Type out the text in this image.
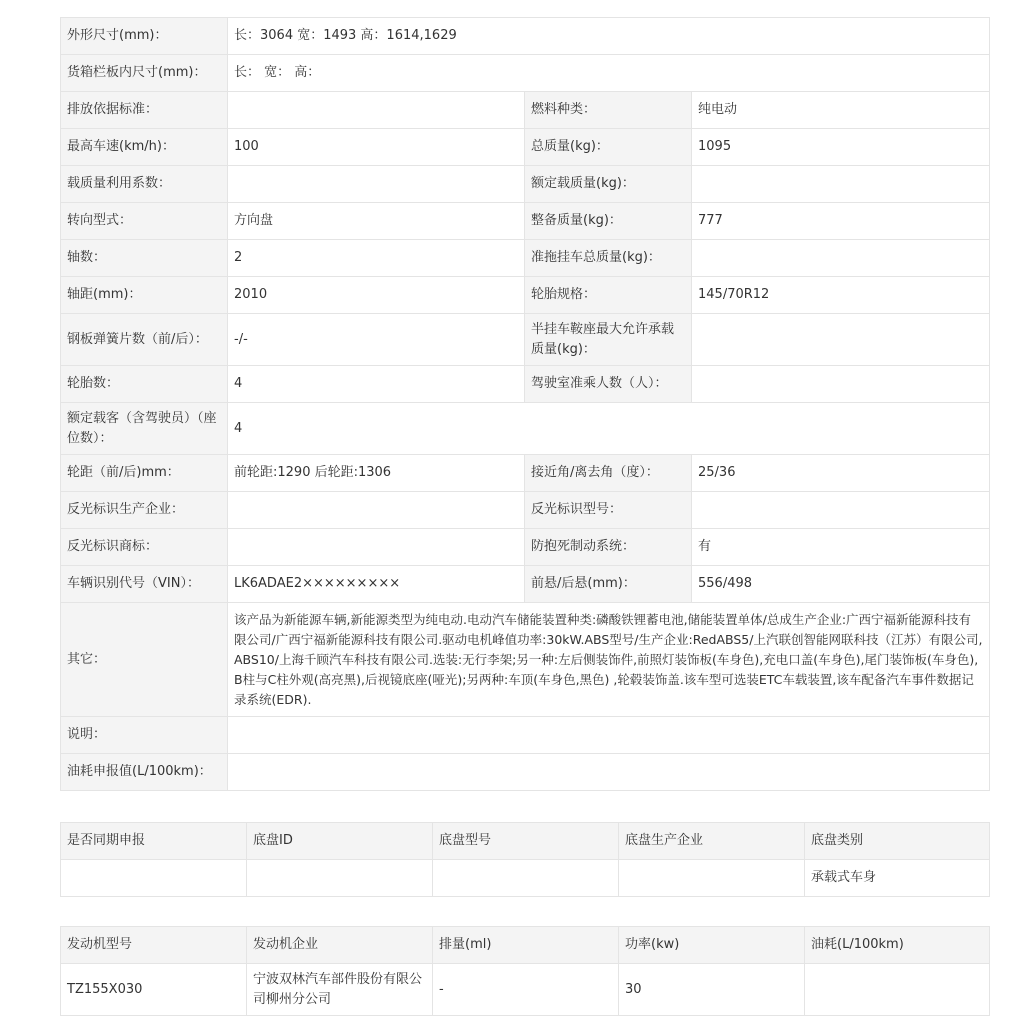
外形尺寸(mm)：	长：3064 宽：1493 高：1614,1629		
货箱栏板内尺寸(mm)：	长： 宽： 高：		
排放依据标准：		燃料种类：	纯电动
最高车速(km/h)：	100	总质量(kg)：	1095
载质量利用系数：		额定载质量(kg)：	
转向型式：	方向盘	整备质量(kg)：	777
轴数：	2	准拖挂车总质量(kg)：	
轴距(mm)：	2010	轮胎规格：	145/70R12
钢板弹簧片数（前/后）：	-/-	半挂车鞍座最大允许承载质量(kg)：	
轮胎数：	4	驾驶室准乘人数（人）：	
额定载客（含驾驶员）（座位数）：	4		
轮距（前/后)mm：	前轮距:1290 后轮距:1306	接近角/离去角（度）：	25/36
反光标识生产企业：		反光标识型号：	
反光标识商标：		防抱死制动系统：	有
车辆识别代号（VIN）：	LK6ADAE2×××××××××	前悬/后悬(mm)：	556/498
其它：	该产品为新能源车辆,新能源类型为纯电动.电动汽车储能装置种类:磷酸铁锂蓄电池,储能装置单体/总成生产企业:广西宁福新能源科技有限公司/广西宁福新能源科技有限公司.驱动电机峰值功率:30kW.ABS型号/生产企业:RedABS5/上汽联创智能网联科技（江苏）有限公司,ABS10/上海千顾汽车科技有限公司.选装:无行李架;另一种:左后侧装饰件,前照灯装饰板(车身色),充电口盖(车身色),尾门装饰板(车身色),B柱与C柱外观(高亮黑),后视镜底座(哑光);另两种:车顶(车身色,黑色) ,轮毂装饰盖.该车型可选装ETC车载装置,该车配备汽车事件数据记录系统(EDR).		
说明：			
油耗申报值(L/100km)：			
是否同期申报	底盘ID	底盘型号	底盘生产企业	底盘类别
				承载式车身
发动机型号	发动机企业	排量(ml)	功率(kw)	油耗(L/100km)
TZ155X030	宁波双林汽车部件股份有限公司柳州分公司	-	30	
